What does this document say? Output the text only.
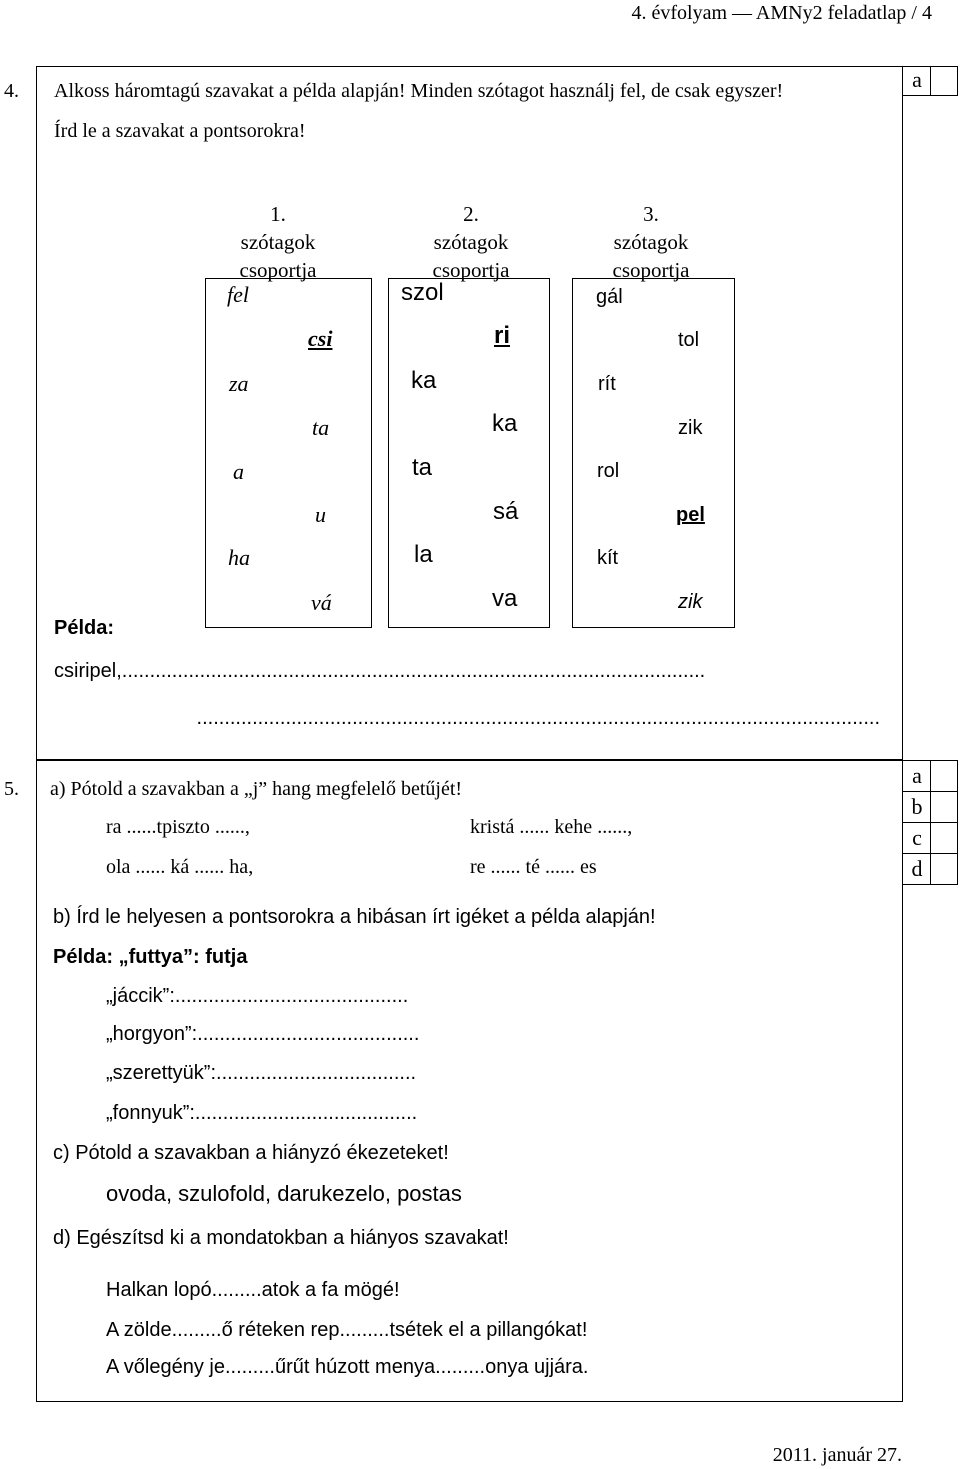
4. évfolyam –– AMNy2 feladatlap / 4
4. Alkoss háromtagú szavakat a példa alapján! Minden szótagot használj fel, de csak egyszer!
Írd le a szavakat a pontsorokra!
a
1.
szótagok
csoportja
2.
szótagok
csoportja
3.
szótagok
csoportja
fel
csi
za
ta
a
u
ha
vá
szol
ri
ka
ka
ta
sá
la
va
gál
tol
rít
zik
rol
pel
kít
zik
Példa:
csiripel,.........................................................................................................
...........................................................................................................................
5.
a
b
c
d
a) Pótold a szavakban a „j” hang megfelelő betűjét!
ra ......tpiszto ......,	kristá ...... kehe ......,
ola ...... ká ...... ha,	re ...... té ...... es
b) Írd le helyesen a pontsorokra a hibásan írt igéket a példa alapján!
Példa: „futtya”: futja
„jáccik”:..........................................
„horgyon”:........................................
„szerettyük”:....................................
„fonnyuk”:........................................
c) Pótold a szavakban a hiányzó ékezeteket!
ovoda, szulofold, darukezelo, postas
d) Egészítsd ki a mondatokban a hiányos szavakat!
Halkan lopó.........atok a fa mögé!
A zölde.........ő réteken rep.........tsétek el a pillangókat!
A vőlegény je.........űrűt húzott menya.........onya ujjára.
2011. január 27.
